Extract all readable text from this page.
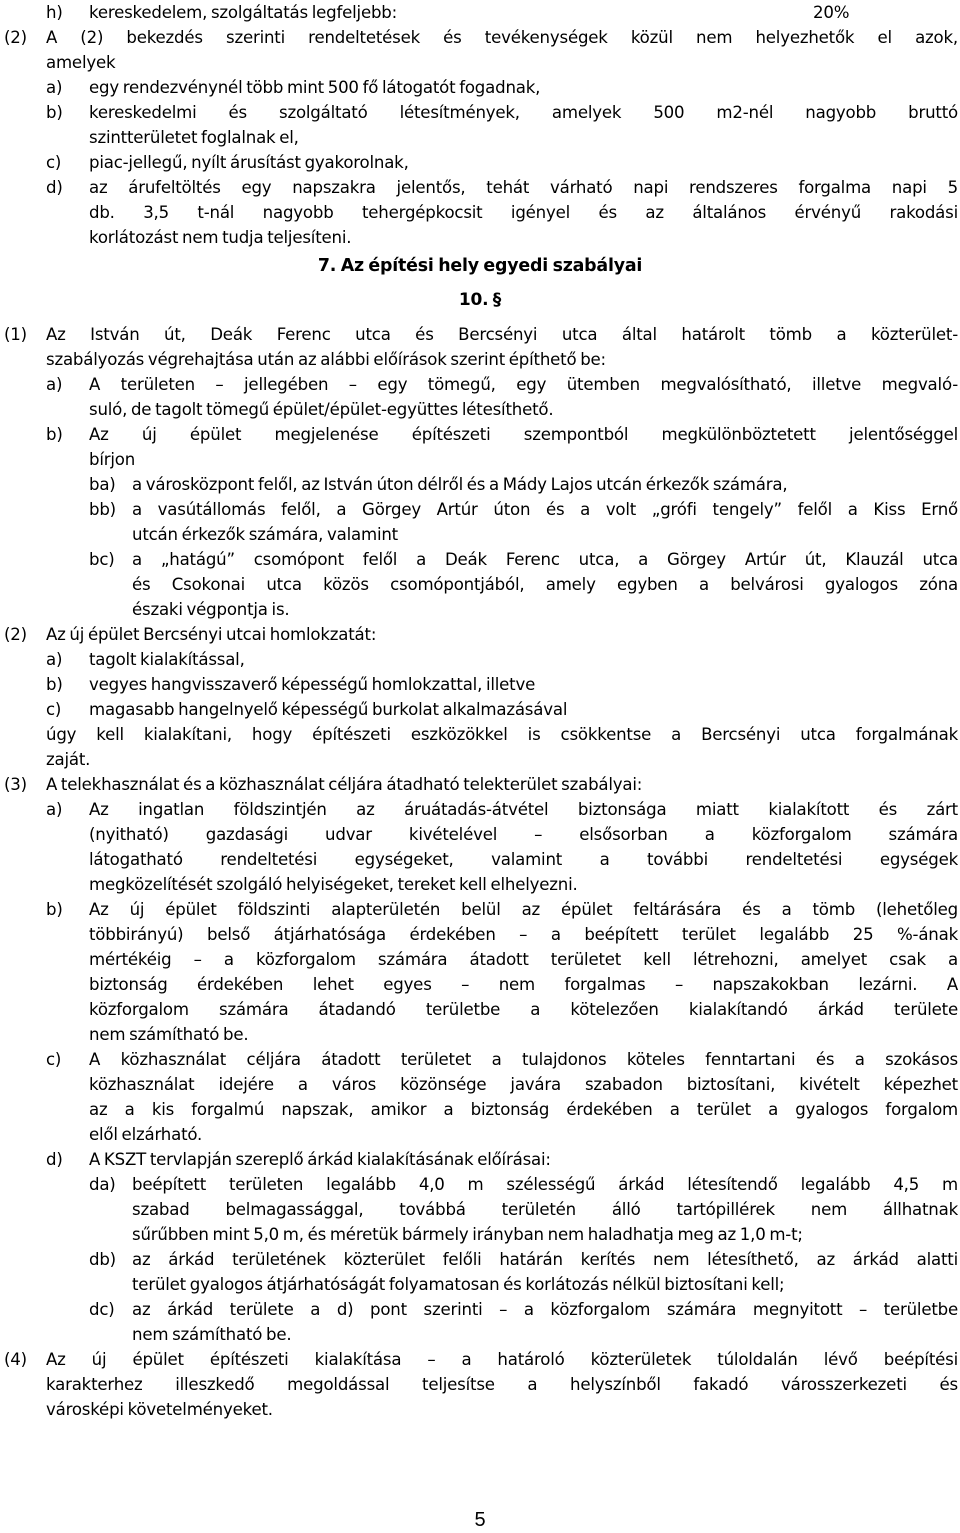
h) kereskedelem, szolgáltatás legfeljebb:	20%
(2) A (2) bekezdés szerinti rendeltetések és tevékenységek közül nem helyezhetők el azok,
amelyek
a) egy rendezvénynél több mint 500 fő látogatót fogadnak,
b) kereskedelmi és szolgáltató létesítmények, amelyek 500 m2-nél nagyobb bruttó
szintterületet foglalnak el,
c) piac-jellegű, nyílt árusítást gyakorolnak,
d) az árufeltöltés egy napszakra jelentős, tehát várható napi rendszeres forgalma napi 5
db. 3,5 t-nál nagyobb tehergépkocsit igényel és az általános érvényű rakodási
korlátozást nem tudja teljesíteni.
7. Az építési hely egyedi szabályai
10. §
(1) Az István út, Deák Ferenc utca és Bercsényi utca által határolt tömb a közterület-
szabályozás végrehajtása után az alábbi előírások szerint építhető be:
a) A területen – jellegében – egy tömegű, egy ütemben megvalósítható, illetve megvaló-
suló, de tagolt tömegű épület/épület-együttes létesíthető.
b) Az új épület megjelenése építészeti szempontból megkülönböztetett jelentőséggel
bírjon
ba) a városközpont felől, az István úton délről és a Mády Lajos utcán érkezők számára,
bb) a vasútállomás felől, a Görgey Artúr úton és a volt „grófi tengely” felől a Kiss Ernő
utcán érkezők számára, valamint
bc) a „hatágú” csomópont felől a Deák Ferenc utca, a Görgey Artúr út, Klauzál utca
és Csokonai utca közös csomópontjából, amely egyben a belvárosi gyalogos zóna
északi végpontja is.
(2) Az új épület Bercsényi utcai homlokzatát:
a) tagolt kialakítással,
b) vegyes hangvisszaverő képességű homlokzattal, illetve
c) magasabb hangelnyelő képességű burkolat alkalmazásával
úgy kell kialakítani, hogy építészeti eszközökkel is csökkentse a Bercsényi utca forgalmának
zaját.
(3) A telekhasználat és a közhasználat céljára átadható telekterület szabályai:
a) Az ingatlan földszintjén az áruátadás-átvétel biztonsága miatt kialakított és zárt
(nyitható) gazdasági udvar kivételével – elsősorban a közforgalom számára
látogatható rendeltetési egységeket, valamint a további rendeltetési egységek
megközelítését szolgáló helyiségeket, tereket kell elhelyezni.
b) Az új épület földszinti alapterületén belül az épület feltárására és a tömb (lehetőleg
többirányú) belső átjárhatósága érdekében – a beépített terület legalább 25 %-ának
mértékéig – a közforgalom számára átadott területet kell létrehozni, amelyet csak a
biztonság érdekében lehet egyes – nem forgalmas – napszakokban lezárni. A
közforgalom számára átadandó területbe a kötelezően kialakítandó árkád területe
nem számítható be.
c) A közhasználat céljára átadott területet a tulajdonos köteles fenntartani és a szokásos
közhasználat idejére a város közönsége javára szabadon biztosítani, kivételt képezhet
az a kis forgalmú napszak, amikor a biztonság érdekében a terület a gyalogos forgalom
elől elzárható.
d) A KSZT tervlapján szereplő árkád kialakításának előírásai:
da) beépített területen legalább 4,0 m szélességű árkád létesítendő legalább 4,5 m
szabad belmagassággal, továbbá területén álló tartópillérek nem állhatnak
sűrűbben mint 5,0 m, és méretük bármely irányban nem haladhatja meg az 1,0 m-t;
db) az árkád területének közterület felőli határán kerítés nem létesíthető, az árkád alatti
terület gyalogos átjárhatóságát folyamatosan és korlátozás nélkül biztosítani kell;
dc) az árkád területe a d) pont szerinti – a közforgalom számára megnyitott – területbe
nem számítható be.
(4) Az új épület építészeti kialakítása – a határoló közterületek túloldalán lévő beépítési
karakterhez illeszkedő megoldással teljesítse a helyszínből fakadó városszerkezeti és
városképi követelményeket.
5
